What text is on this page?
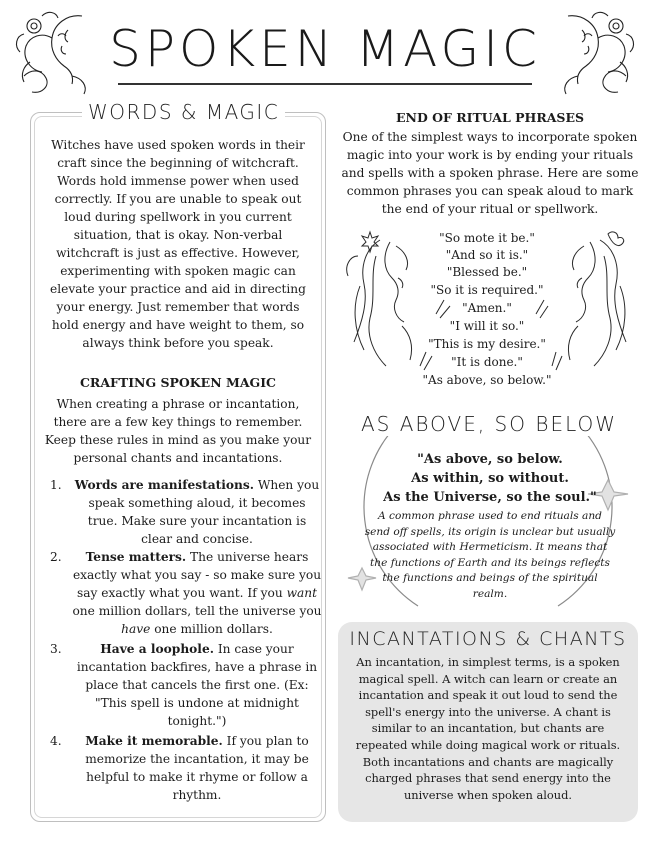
SPOKEN MAGIC
WORDS & MAGIC
Witches have used spoken words in their craft since the beginning of witchcraft. Words hold immense power when used correctly. If you are unable to speak out loud during spellwork in you current situation, that is okay. Non-verbal witchcraft is just as effective. However, experimenting with spoken magic can elevate your practice and aid in directing your energy. Just remember that words hold energy and have weight to them, so always think before you speak.
CRAFTING SPOKEN MAGIC
When creating a phrase or incantation, there are a few key things to remember. Keep these rules in mind as you make your personal chants and incantations.
1.	Words are manifestations. When you speak something aloud, it becomes true. Make sure your incantation is clear and concise.
2.	Tense matters. The universe hears exactly what you say - so make sure you say exactly what you want. If you want one million dollars, tell the universe you have one million dollars.
3.	Have a loophole. In case your incantation backfires, have a phrase in place that cancels the first one. (Ex: "This spell is undone at midnight tonight.")
4.	Make it memorable. If you plan to memorize the incantation, it may be helpful to make it rhyme or follow a rhythm.
END OF RITUAL PHRASES
One of the simplest ways to incorporate spoken magic into your work is by ending your rituals and spells with a spoken phrase. Here are some common phrases you can speak aloud to mark the end of your ritual or spellwork.
"So mote it be."
"And so it is."
"Blessed be."
"So it is required."
"Amen."
"I will it so."
"This is my desire."
"It is done."
"As above, so below."
AS ABOVE, SO BELOW
"As above, so below.
As within, so without.
As the Universe, so the soul."
A common phrase used to end rituals and send off spells, its origin is unclear but usually associated with Hermeticism. It means that the functions of Earth and its beings reflects the functions and beings of the spiritual realm.
INCANTATIONS & CHANTS
An incantation, in simplest terms, is a spoken magical spell. A witch can learn or create an incantation and speak it out loud to send the spell's energy into the universe. A chant is similar to an incantation, but chants are repeated while doing magical work or rituals. Both incantations and chants are magically charged phrases that send energy into the universe when spoken aloud.
